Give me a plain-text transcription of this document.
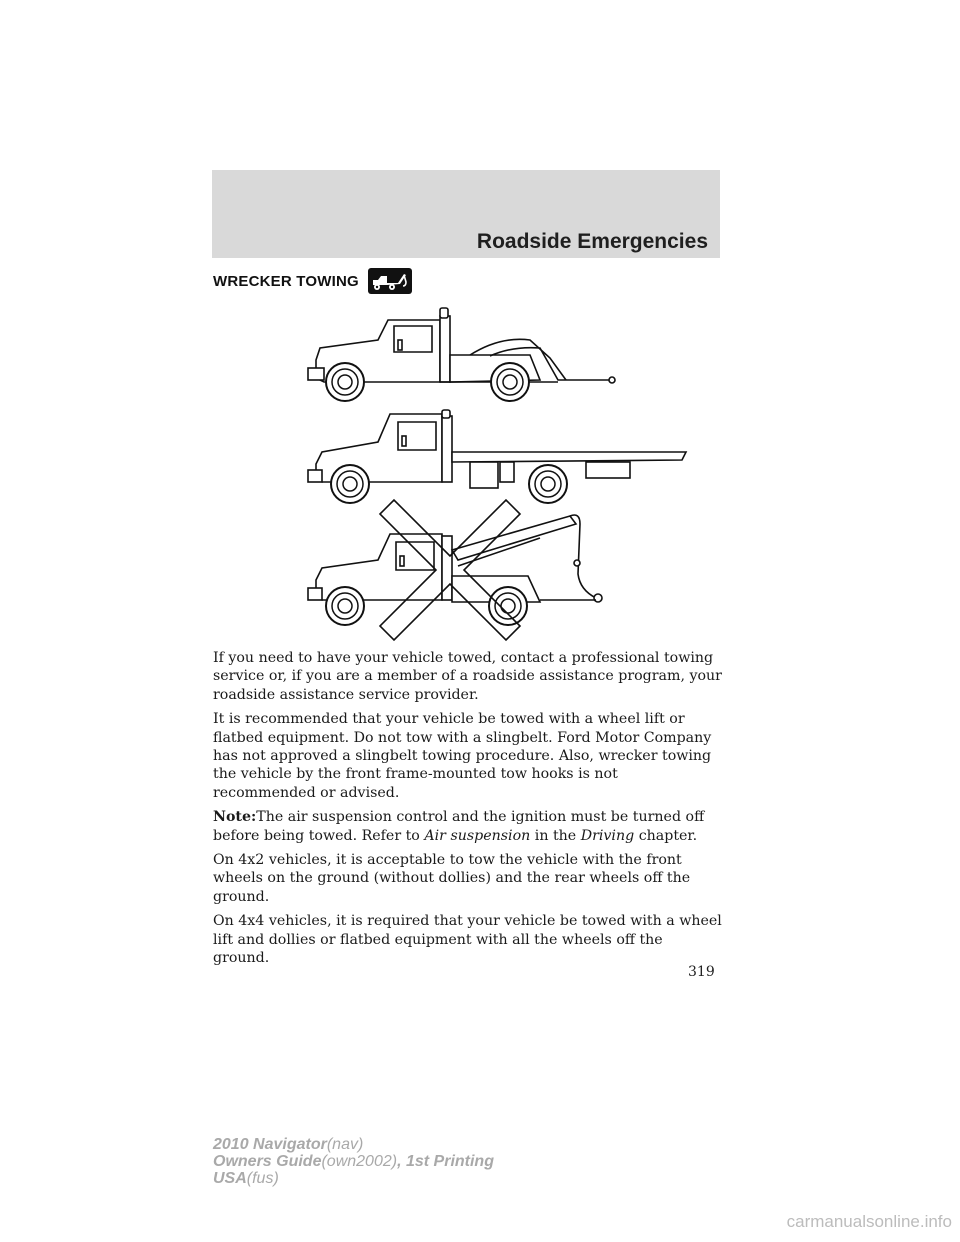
Roadside Emergencies
WRECKER TOWING

If you need to have your vehicle towed, contact a professional towing service or, if you are a member of a roadside assistance program, your roadside assistance service provider.

It is recommended that your vehicle be towed with a wheel lift or flatbed equipment. Do not tow with a slingbelt. Ford Motor Company has not approved a slingbelt towing procedure. Also, wrecker towing the vehicle by the front frame-mounted tow hooks is not recommended or advised.

Note:The air suspension control and the ignition must be turned off before being towed. Refer to Air suspension in the Driving chapter.

On 4x2 vehicles, it is acceptable to tow the vehicle with the front wheels on the ground (without dollies) and the rear wheels off the ground.

On 4x4 vehicles, it is required that your vehicle be towed with a wheel lift and dollies or flatbed equipment with all the wheels off the ground.

319
2010 Navigator(nav)
Owners Guide(own2002), 1st Printing
USA(fus)
carmanualsonline.info
